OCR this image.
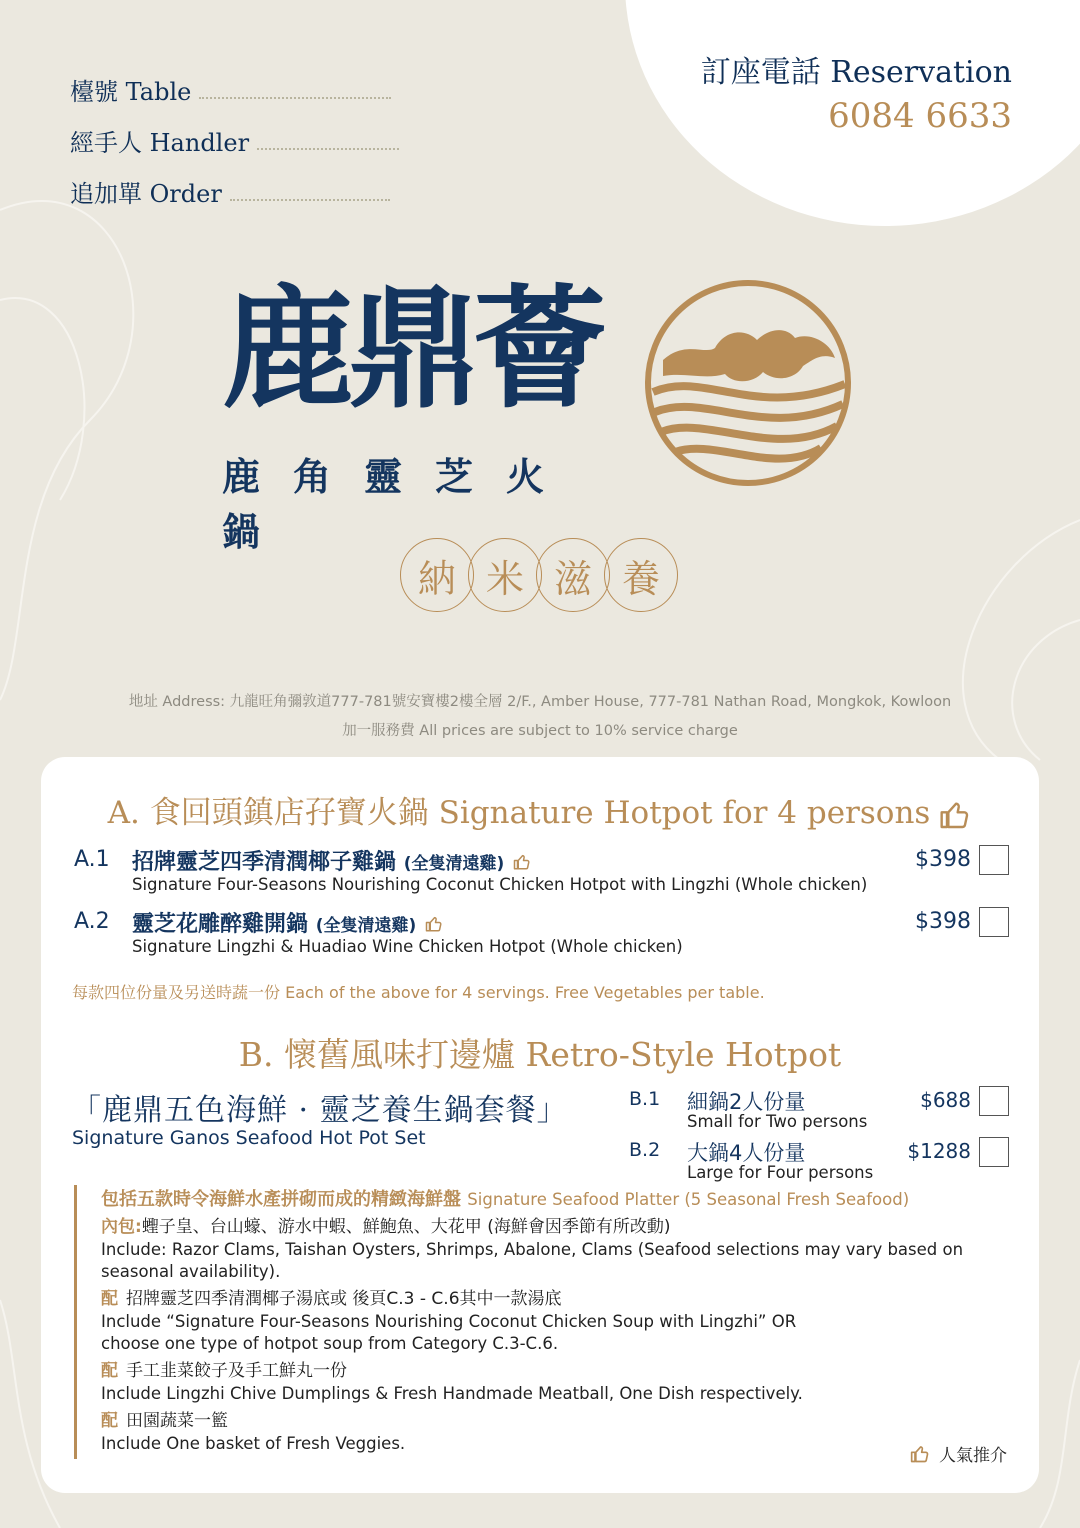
檯號 Table
經手人 Handler
追加單 Order
訂座電話 Reservation
6084 6633
鹿鼎薈
鹿角靈芝火鍋
納 米 滋 養
地址 Address: 九龍旺角彌敦道777-781號安寶樓2樓全層 2/F., Amber House, 777-781 Nathan Road, Mongkok, Kowloon
加一服務費 All prices are subject to 10% service charge
A. 食回頭鎮店孖寶火鍋 Signature Hotpot for 4 persons
A.1 招牌靈芝四季清潤椰子雞鍋 (全隻清遠雞)
Signature Four-Seasons Nourishing Coconut Chicken Hotpot with Lingzhi (Whole chicken)
$398
A.2 靈芝花雕醉雞開鍋 (全隻清遠雞)
Signature Lingzhi & Huadiao Wine Chicken Hotpot (Whole chicken)
$398
每款四位份量及另送時蔬一份 Each of the above for 4 servings. Free Vegetables per table.
B. 懷舊風味打邊爐 Retro-Style Hotpot
「鹿鼎五色海鮮 · 靈芝養生鍋套餐」
Signature Ganos Seafood Hot Pot Set
B.1 細鍋2人份量
Small for Two persons
$688
B.2 大鍋4人份量
Large for Four persons
$1288
包括五款時令海鮮水產拼砌而成的精緻海鮮盤 Signature Seafood Platter (5 Seasonal Fresh Seafood)
內包:蟶子皇、台山蠔、游水中蝦、鮮鮑魚、大花甲 (海鮮會因季節有所改動)
Include: Razor Clams, Taishan Oysters, Shrimps, Abalone, Clams (Seafood selections may vary based on seasonal availability).
配 招牌靈芝四季清潤椰子湯底或 後頁C.3 - C.6其中一款湯底
Include “Signature Four-Seasons Nourishing Coconut Chicken Soup with Lingzhi” OR choose one type of hotpot soup from Category C.3-C.6.
配 手工韭菜餃子及手工鮮丸一份
Include Lingzhi Chive Dumplings & Fresh Handmade Meatball, One Dish respectively.
配 田園蔬菜一籃
Include One basket of Fresh Veggies.
人氣推介
